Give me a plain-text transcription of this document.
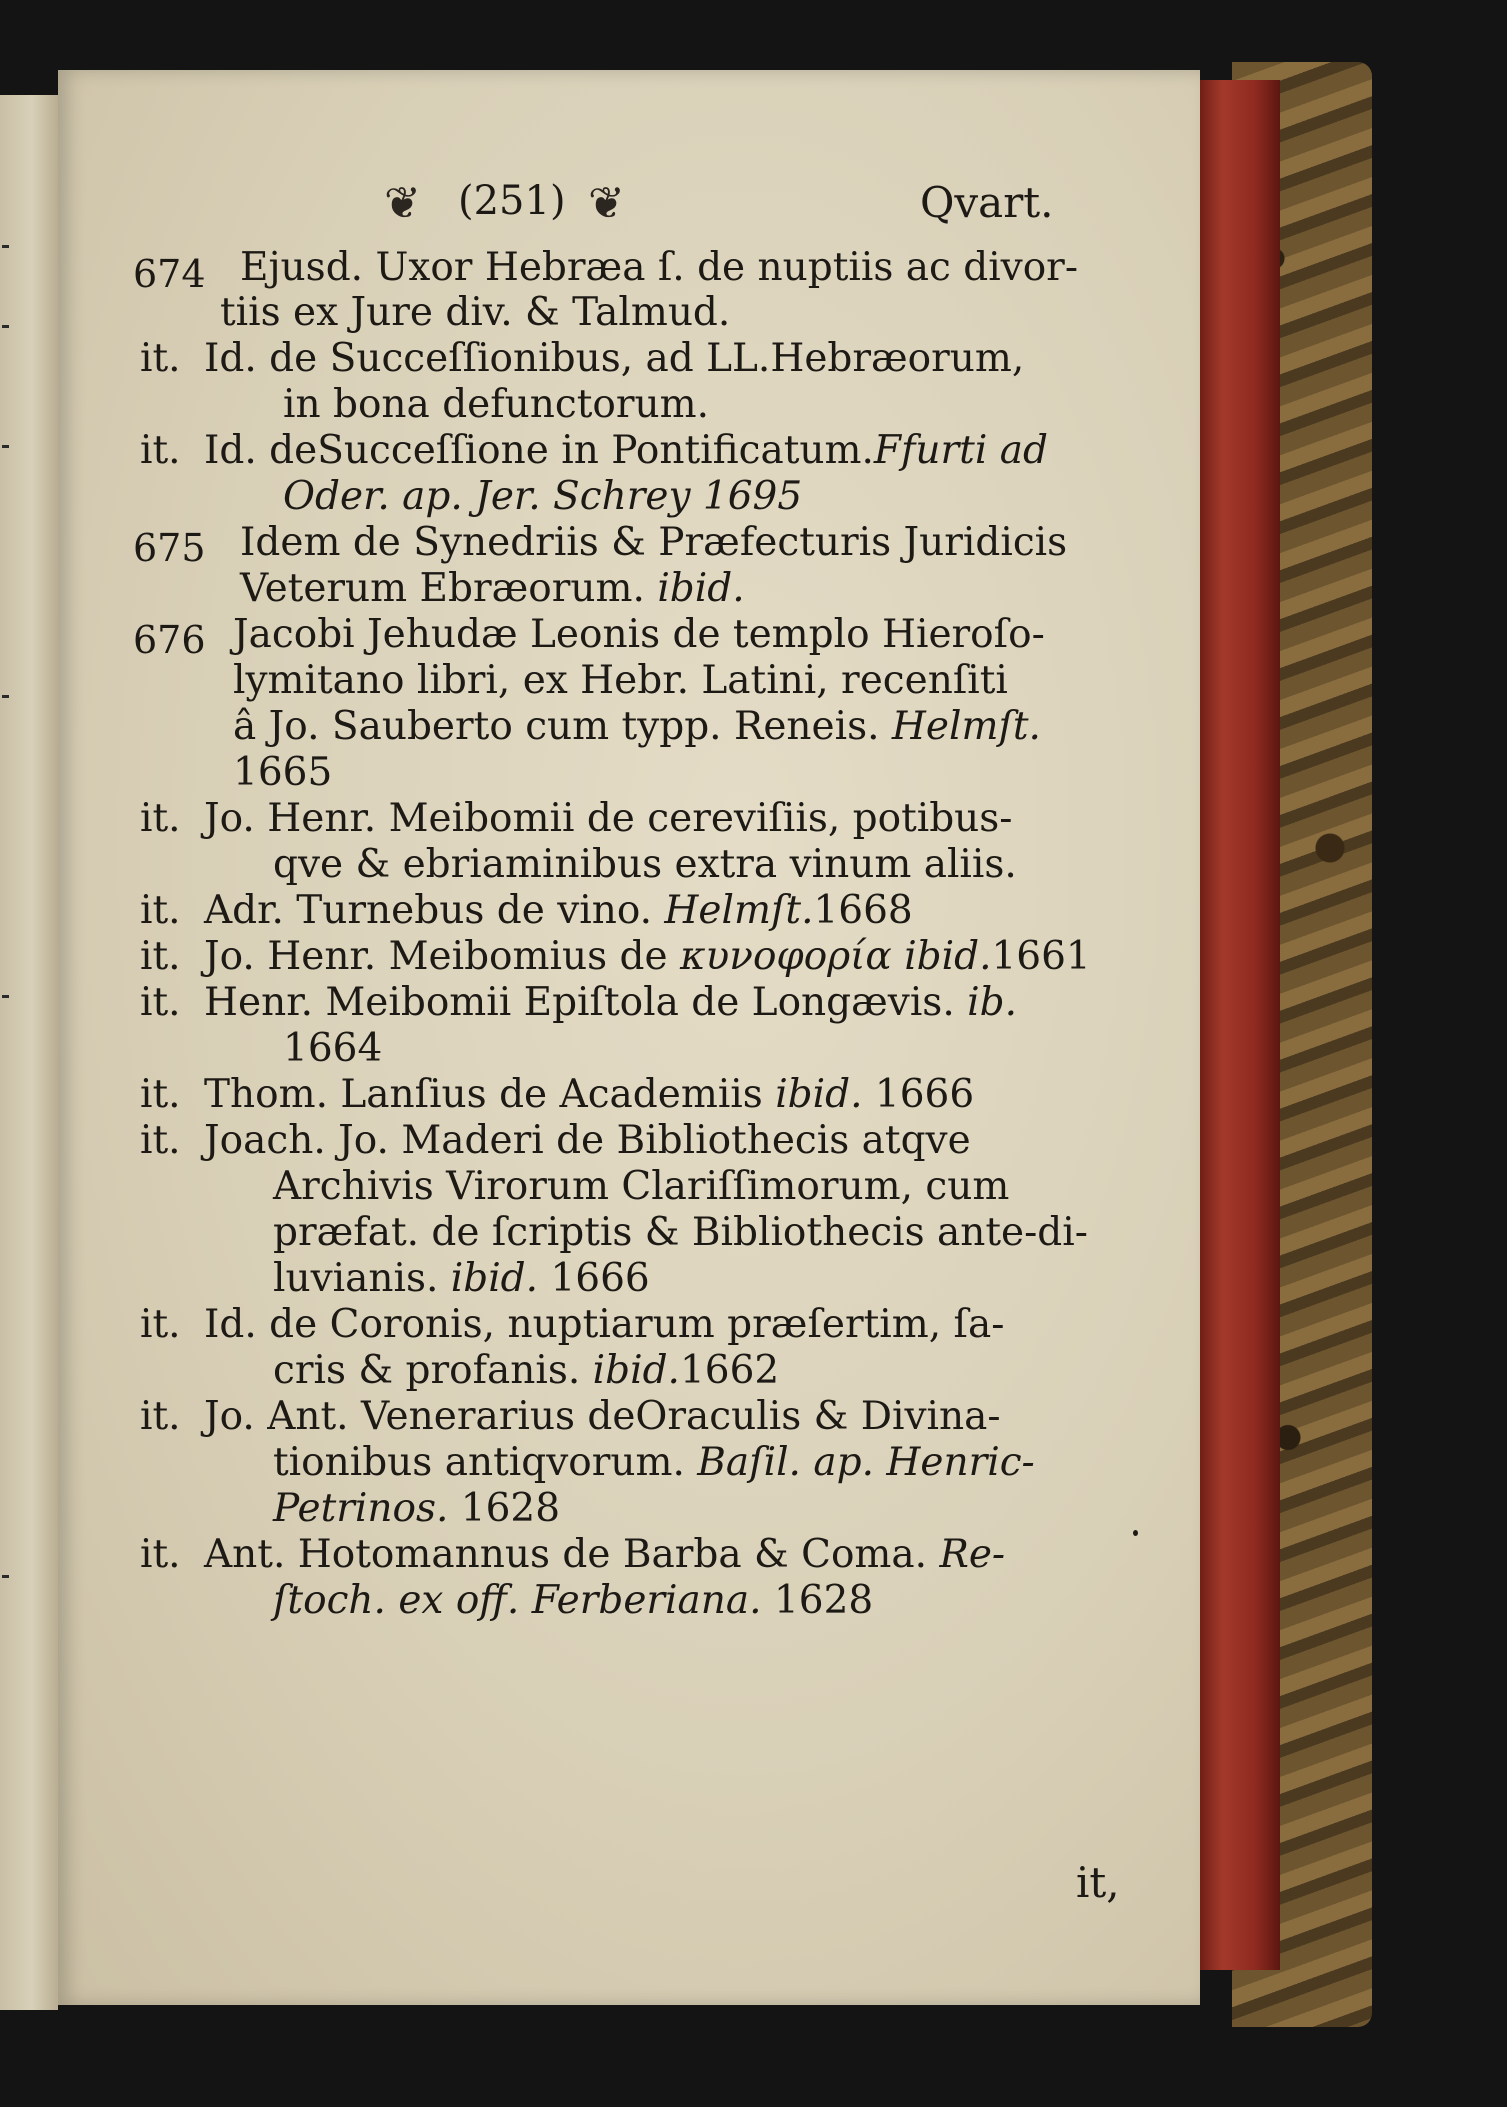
❦ (251) ❦	Qvart.
674 Ejusd. Uxor Hebræa ſ. de nuptiis ac divor-
tiis ex Jure div. & Talmud.
it. Id. de Succeſſionibus, ad LL.Hebræorum,
in bona defunctorum.
it. Id. deSucceſſione in Pontificatum.Ffurti ad
Oder. ap. Jer. Schrey 1695
675 Idem de Synedriis & Præfecturis Juridicis
Veterum Ebræorum. ibid.
676 Jacobi Jehudæ Leonis de templo Hieroſo-
lymitano libri, ex Hebr. Latini, recenſiti
â Jo. Sauberto cum typp. Reneis. Helmſt.
1665
it. Jo. Henr. Meibomii de cereviſiis, potibus-
qve & ebriaminibus extra vinum aliis.
it. Adr. Turnebus de vino. Helmſt.1668
it. Jo. Henr. Meibomius de κυνοφορία ibid.1661
it. Henr. Meibomii Epiſtola de Longævis. ib.
1664
it. Thom. Lanſius de Academiis ibid. 1666
it. Joach. Jo. Maderi de Bibliothecis atqve
Archivis Virorum Clariſſimorum, cum
præfat. de ſcriptis & Bibliothecis ante-di-
luvianis. ibid. 1666
it. Id. de Coronis, nuptiarum præſertim, ſa-
cris & profanis. ibid.1662
it. Jo. Ant. Venerarius deOraculis & Divina-
tionibus antiqvorum. Baſil. ap. Henric-
Petrinos. 1628
it. Ant. Hotomannus de Barba & Coma. Re-
ſtoch. ex off. Ferberiana. 1628
it,
